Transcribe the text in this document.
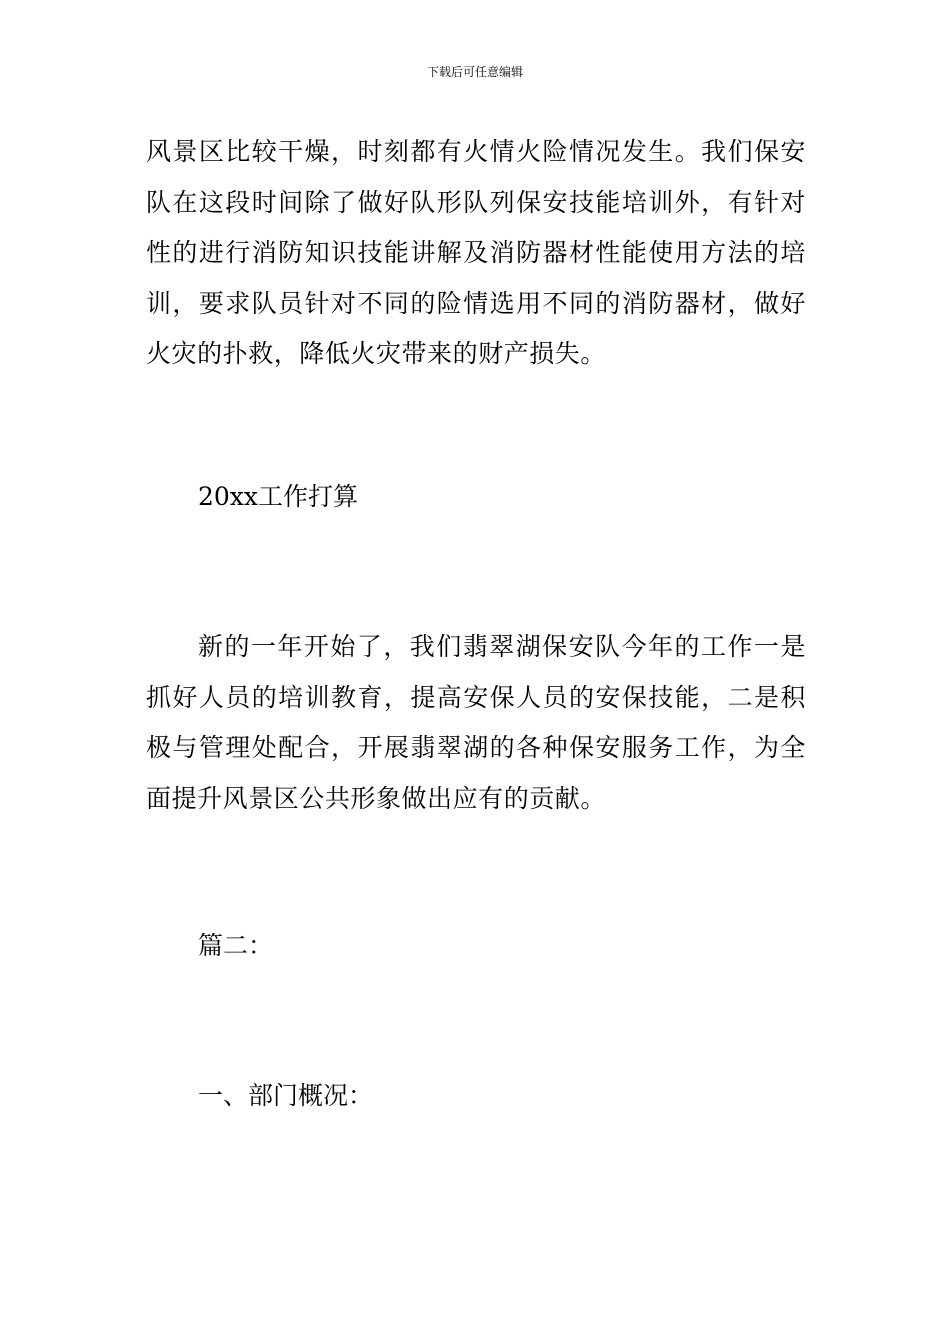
下载后可任意编辑

风景区比较干燥，时刻都有火情火险情况发生。我们保安队在这段时间除了做好队形队列保安技能培训外，有针对性的进行消防知识技能讲解及消防器材性能使用方法的培训，要求队员针对不同的险情选用不同的消防器材，做好火灾的扑救，降低火灾带来的财产损失。

20xx工作打算

新的一年开始了，我们翡翠湖保安队今年的工作一是抓好人员的培训教育，提高安保人员的安保技能，二是积极与管理处配合，开展翡翠湖的各种保安服务工作，为全面提升风景区公共形象做出应有的贡献。

篇二：

一、部门概况：
